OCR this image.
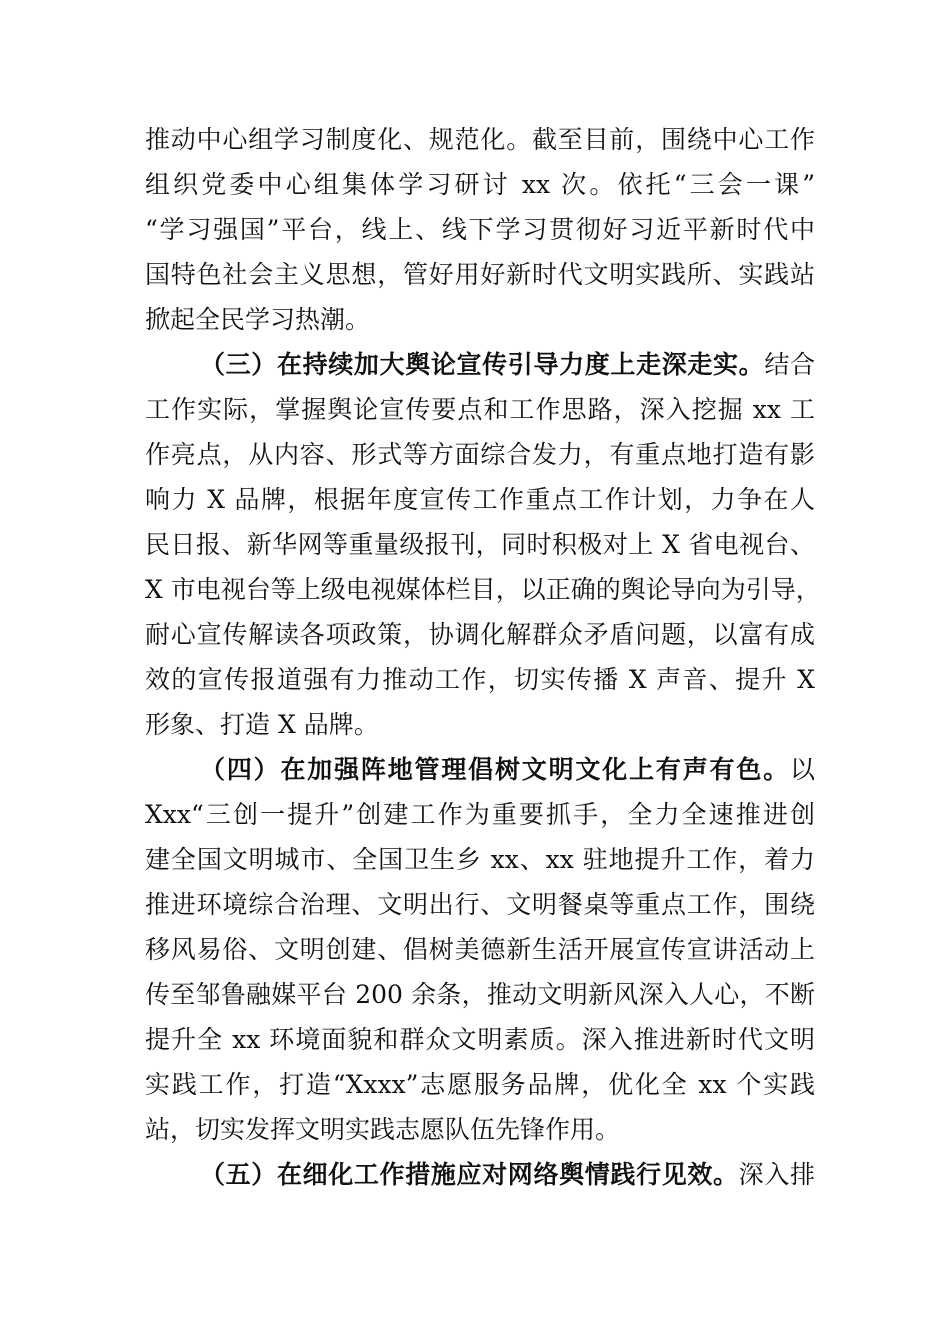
推动中心组学习制度化、规范化。截至目前，围绕中心工作
组织党委中心组集体学习研讨 xx 次。依托“三会一课”
“学习强国”平台，线上、线下学习贯彻好习近平新时代中
国特色社会主义思想，管好用好新时代文明实践所、实践站
掀起全民学习热潮。
（三）在持续加大舆论宣传引导力度上走深走实。结合
工作实际，掌握舆论宣传要点和工作思路，深入挖掘 xx 工
作亮点，从内容、形式等方面综合发力，有重点地打造有影
响力 X 品牌，根据年度宣传工作重点工作计划，力争在人
民日报、新华网等重量级报刊，同时积极对上 X 省电视台、
X 市电视台等上级电视媒体栏目，以正确的舆论导向为引导，
耐心宣传解读各项政策，协调化解群众矛盾问题，以富有成
效的宣传报道强有力推动工作，切实传播 X 声音、提升 X
形象、打造 X 品牌。
（四）在加强阵地管理倡树文明文化上有声有色。以
Xxx“三创一提升”创建工作为重要抓手，全力全速推进创
建全国文明城市、全国卫生乡 xx、xx 驻地提升工作，着力
推进环境综合治理、文明出行、文明餐桌等重点工作，围绕
移风易俗、文明创建、倡树美德新生活开展宣传宣讲活动上
传至邹鲁融媒平台 200 余条，推动文明新风深入人心，不断
提升全 xx 环境面貌和群众文明素质。深入推进新时代文明
实践工作，打造“Xxxx”志愿服务品牌，优化全 xx 个实践
站，切实发挥文明实践志愿队伍先锋作用。
（五）在细化工作措施应对网络舆情践行见效。深入排
